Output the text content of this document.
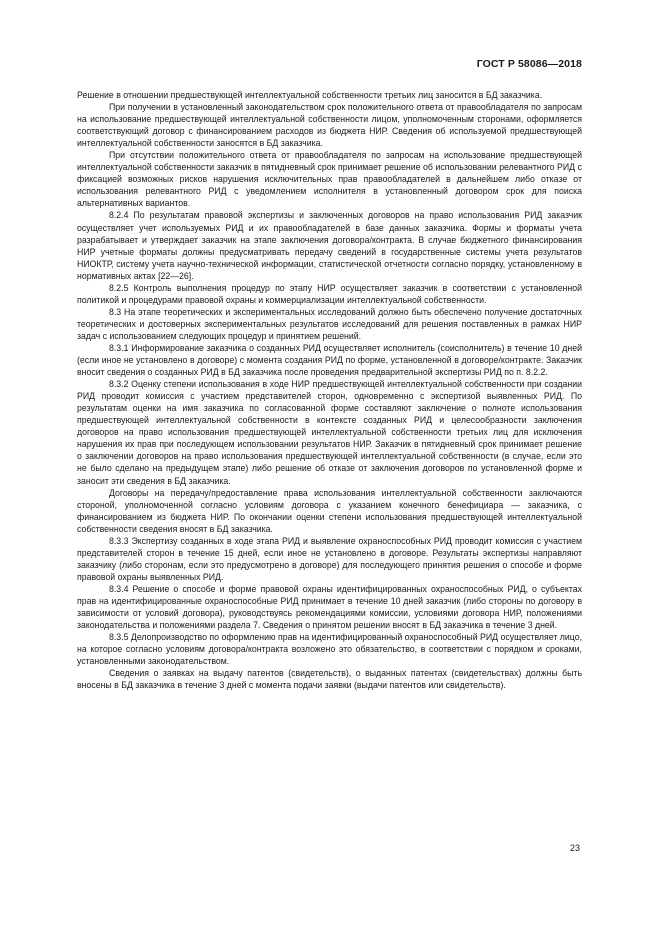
ГОСТ Р 58086—2018

Решение в отношении предшествующей интеллектуальной собственности третьих лиц заносится в БД заказчика.

При получении в установленный законодательством срок положительного ответа от правообладателя по запросам на использование предшествующей интеллектуальной собственности лицом, уполномоченным сторонами, оформляется соответствующий договор с финансированием расходов из бюджета НИР. Сведения об используемой предшествующей интеллектуальной собственности заносятся в БД заказчика.

При отсутствии положительного ответа от правообладателя по запросам на использование предшествующей интеллектуальной собственности заказчик в пятидневный срок принимает решение об использовании релевантного РИД с фиксацией возможных рисков нарушения исключительных прав правообладателей в дальнейшем либо отказе от использования релевантного РИД с уведомлением исполнителя в установленный договором срок для поиска альтернативных вариантов.

8.2.4 По результатам правовой экспертизы и заключенных договоров на право использования РИД заказчик осуществляет учет используемых РИД и их правообладателей в базе данных заказчика. Формы и форматы учета разрабатывает и утверждает заказчик на этапе заключения договора/контракта. В случае бюджетного финансирования НИР учетные форматы должны предусматривать передачу сведений в государственные системы учета результатов НИОКТР, систему учета научно-технической информации, статистической отчетности согласно порядку, установленному в нормативных актах [22—26].

8.2.5 Контроль выполнения процедур по этапу НИР осуществляет заказчик в соответствии с установленной политикой и процедурами правовой охраны и коммерциализации интеллектуальной собственности.

8.3 На этапе теоретических и экспериментальных исследований должно быть обеспечено получение достаточных теоретических и достоверных экспериментальных результатов исследований для решения поставленных в рамках НИР задач с использованием следующих процедур и принятием решений.

8.3.1 Информирование заказчика о созданных РИД осуществляет исполнитель (соисполнитель) в течение 10 дней (если иное не установлено в договоре) с момента создания РИД по форме, установленной в договоре/контракте. Заказчик вносит сведения о созданных РИД в БД заказчика после проведения предварительной экспертизы РИД по п. 8.2.2.

8.3.2 Оценку степени использования в ходе НИР предшествующей интеллектуальной собственности при создании РИД проводит комиссия с участием представителей сторон, одновременно с экспертизой выявленных РИД. По результатам оценки на имя заказчика по согласованной форме составляют заключение о полноте использования предшествующей интеллектуальной собственности в контексте созданных РИД и целесообразности заключения договоров на право использования предшествующей интеллектуальной собственности третьих лиц для исключения нарушения их прав при последующем использовании результатов НИР. Заказчик в пятидневный срок принимает решение о заключении договоров на право использования предшествующей интеллектуальной собственности (в случае, если это не было сделано на предыдущем этапе) либо решение об отказе от заключения договоров по установленной форме и заносит эти сведения в БД заказчика.

Договоры на передачу/предоставление права использования интеллектуальной собственности заключаются стороной, уполномоченной согласно условиям договора с указанием конечного бенефициара — заказчика, с финансированием из бюджета НИР. По окончании оценки степени использования предшествующей интеллектуальной собственности сведения вносят в БД заказчика.

8.3.3 Экспертизу созданных в ходе этапа РИД и выявление охраноспособных РИД проводит комиссия с участием представителей сторон в течение 15 дней, если иное не установлено в договоре. Результаты экспертизы направляют заказчику (либо сторонам, если это предусмотрено в договоре) для последующего принятия решения о способе и форме правовой охраны выявленных РИД.

8.3.4 Решение о способе и форме правовой охраны идентифицированных охраноспособных РИД, о субъектах прав на идентифицированные охраноспособные РИД принимает в течение 10 дней заказчик (либо стороны по договору в зависимости от условий договора), руководствуясь рекомендациями комиссии, условиями договора НИР, положениями законодательства и положениями раздела 7. Сведения о принятом решении вносят в БД заказчика в течение 3 дней.

8.3.5 Делопроизводство по оформлению прав на идентифицированный охраноспособный РИД осуществляет лицо, на которое согласно условиям договора/контракта возложено это обязательство, в соответствии с порядком и сроками, установленными законодательством.

Сведения о заявках на выдачу патентов (свидетельств), о выданных патентах (свидетельствах) должны быть вносены в БД заказчика в течение 3 дней с момента подачи заявки (выдачи патентов или свидетельств).

23
